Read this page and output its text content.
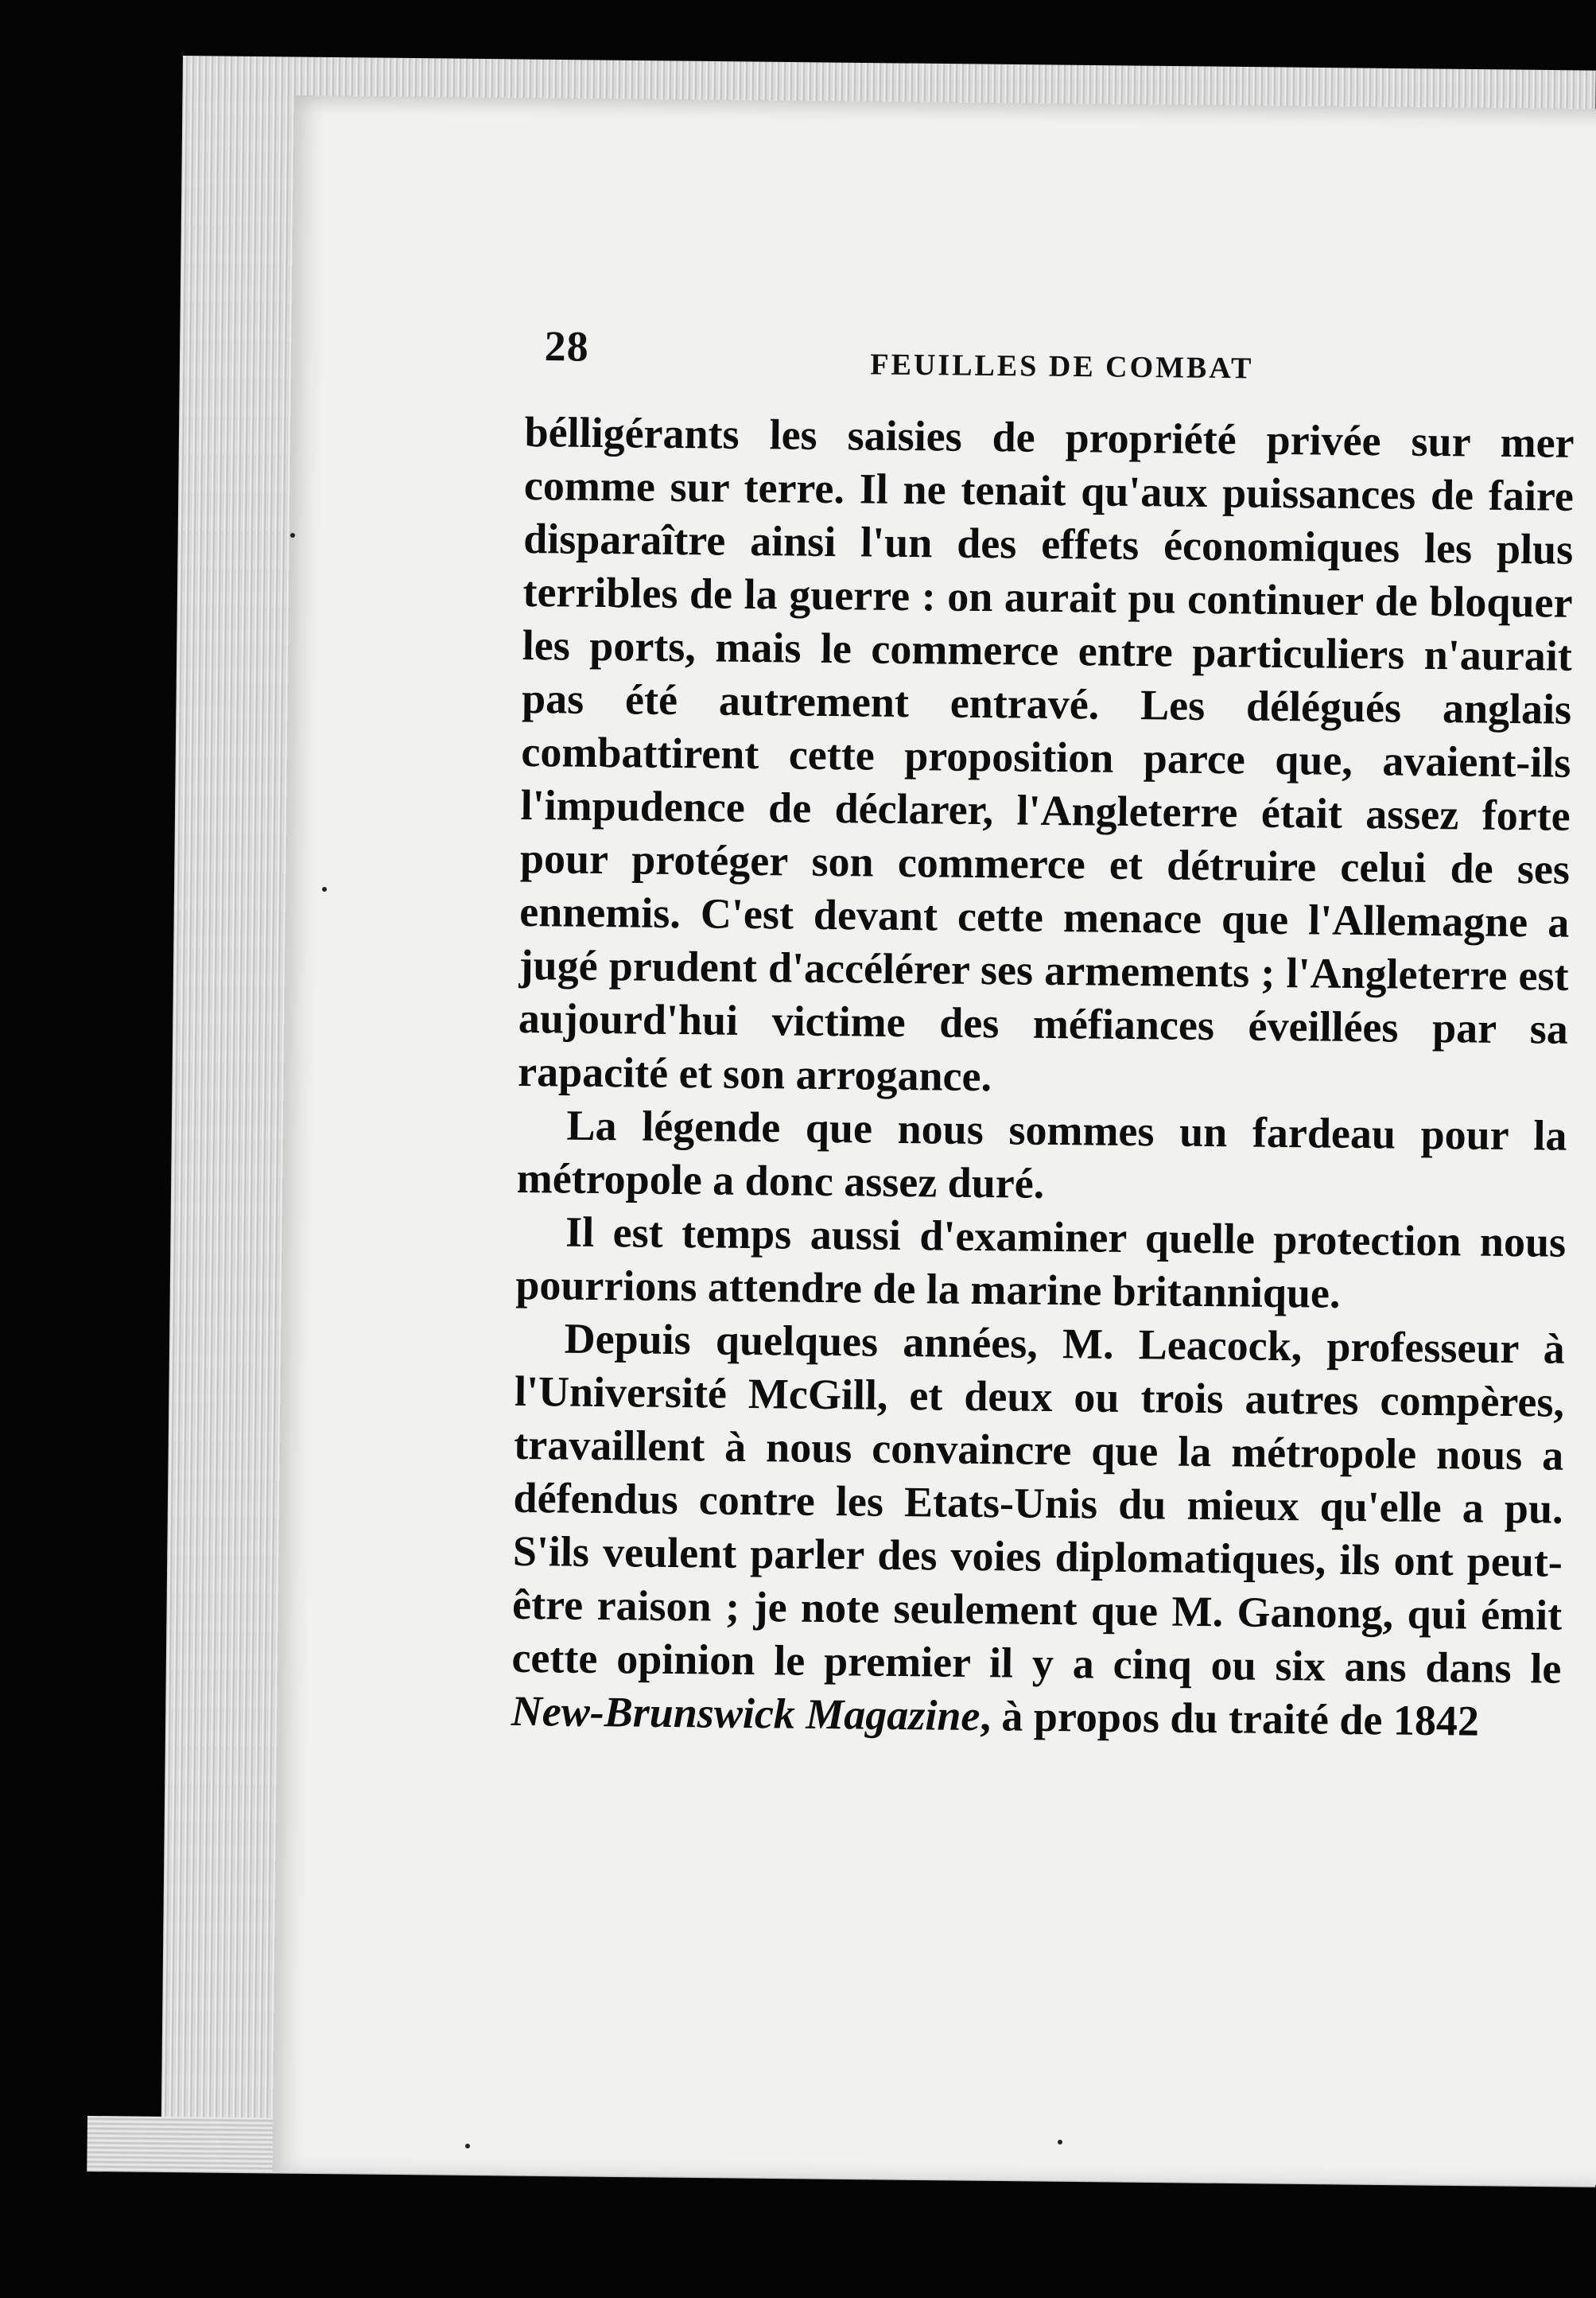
28	FEUILLES DE COMBAT

bélligérants les saisies de propriété privée sur mer comme sur terre. Il ne tenait qu'aux puissances de faire disparaître ainsi l'un des effets économiques les plus terribles de la guerre : on aurait pu continuer de bloquer les ports, mais le commerce entre particuliers n'aurait pas été autrement entravé. Les délégués anglais combattirent cette proposition parce que, avaient-ils l'impudence de déclarer, l'Angleterre était assez forte pour protéger son commerce et détruire celui de ses ennemis. C'est devant cette menace que l'Allemagne a jugé prudent d'accélérer ses armements ; l'Angleterre est aujourd'hui victime des méfiances éveillées par sa rapacité et son arrogance.

La légende que nous sommes un fardeau pour la métropole a donc assez duré.

Il est temps aussi d'examiner quelle protection nous pourrions attendre de la marine britannique.

Depuis quelques années, M. Leacock, professeur à l'Université McGill, et deux ou trois autres compères, travaillent à nous convaincre que la métropole nous a défendus contre les Etats-Unis du mieux qu'elle a pu. S'ils veulent parler des voies diplomatiques, ils ont peut-être raison ; je note seulement que M. Ganong, qui émit cette opinion le premier il y a cinq ou six ans dans le New-Brunswick Magazine, à propos du traité de 1842
